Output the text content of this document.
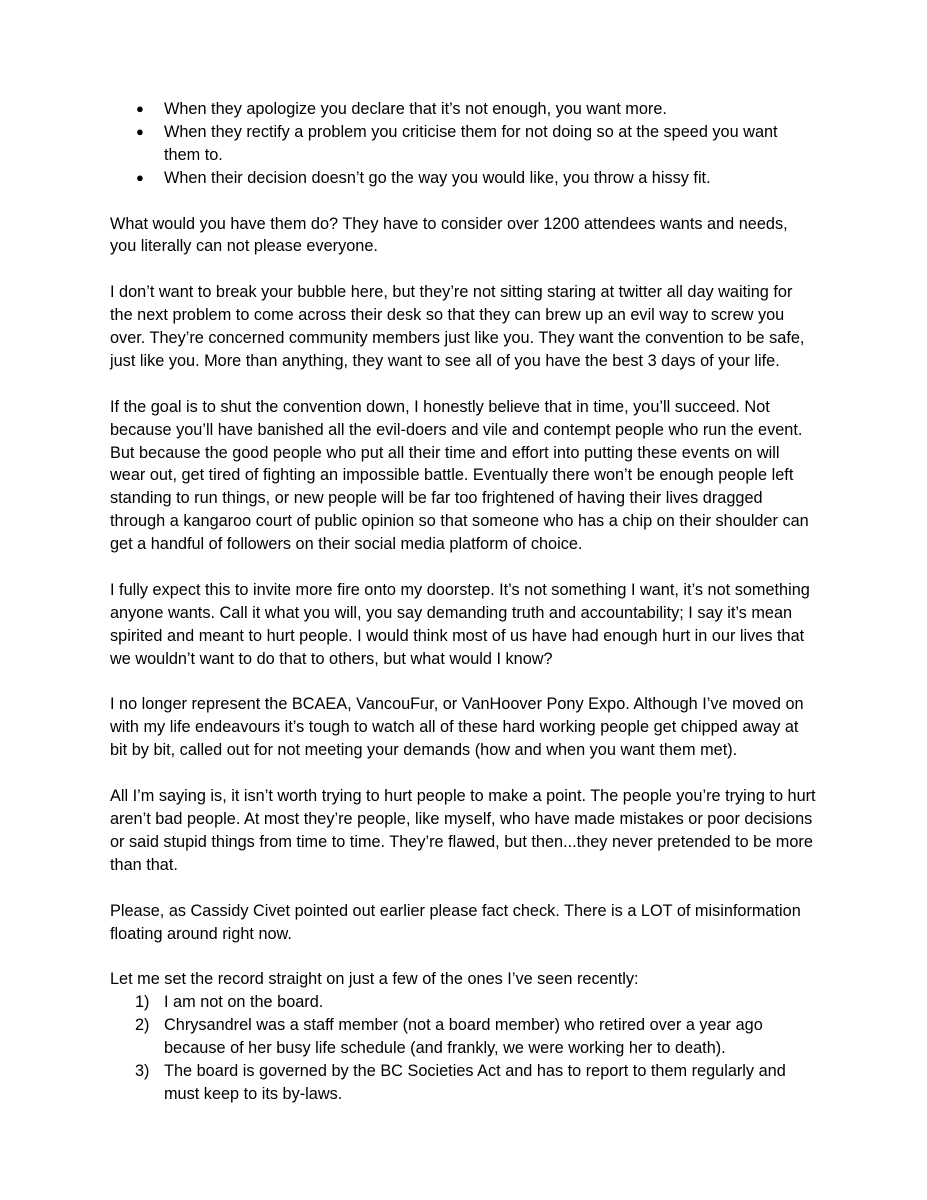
● When they apologize you declare that it’s not enough, you want more.
● When they rectify a problem you criticise them for not doing so at the speed you want them to.
● When their decision doesn’t go the way you would like, you throw a hissy fit.

What would you have them do? They have to consider over 1200 attendees wants and needs, you literally can not please everyone.

I don’t want to break your bubble here, but they’re not sitting staring at twitter all day waiting for the next problem to come across their desk so that they can brew up an evil way to screw you over. They’re concerned community members just like you. They want the convention to be safe, just like you. More than anything, they want to see all of you have the best 3 days of your life.

If the goal is to shut the convention down, I honestly believe that in time, you’ll succeed. Not because you’ll have banished all the evil-doers and vile and contempt people who run the event. But because the good people who put all their time and effort into putting these events on will wear out, get tired of fighting an impossible battle. Eventually there won’t be enough people left standing to run things, or new people will be far too frightened of having their lives dragged through a kangaroo court of public opinion so that someone who has a chip on their shoulder can get a handful of followers on their social media platform of choice.

I fully expect this to invite more fire onto my doorstep. It’s not something I want, it’s not something anyone wants. Call it what you will, you say demanding truth and accountability; I say it’s mean spirited and meant to hurt people. I would think most of us have had enough hurt in our lives that we wouldn’t want to do that to others, but what would I know?

I no longer represent the BCAEA, VancouFur, or VanHoover Pony Expo. Although I’ve moved on with my life endeavours it’s tough to watch all of these hard working people get chipped away at bit by bit, called out for not meeting your demands (how and when you want them met).

All I’m saying is, it isn’t worth trying to hurt people to make a point. The people you’re trying to hurt aren’t bad people. At most they’re people, like myself, who have made mistakes or poor decisions or said stupid things from time to time. They’re flawed, but then...they never pretended to be more than that.

Please, as Cassidy Civet pointed out earlier please fact check. There is a LOT of misinformation floating around right now.

Let me set the record straight on just a few of the ones I’ve seen recently:

1) I am not on the board.
2) Chrysandrel was a staff member (not a board member) who retired over a year ago because of her busy life schedule (and frankly, we were working her to death).
3) The board is governed by the BC Societies Act and has to report to them regularly and must keep to its by-laws.
